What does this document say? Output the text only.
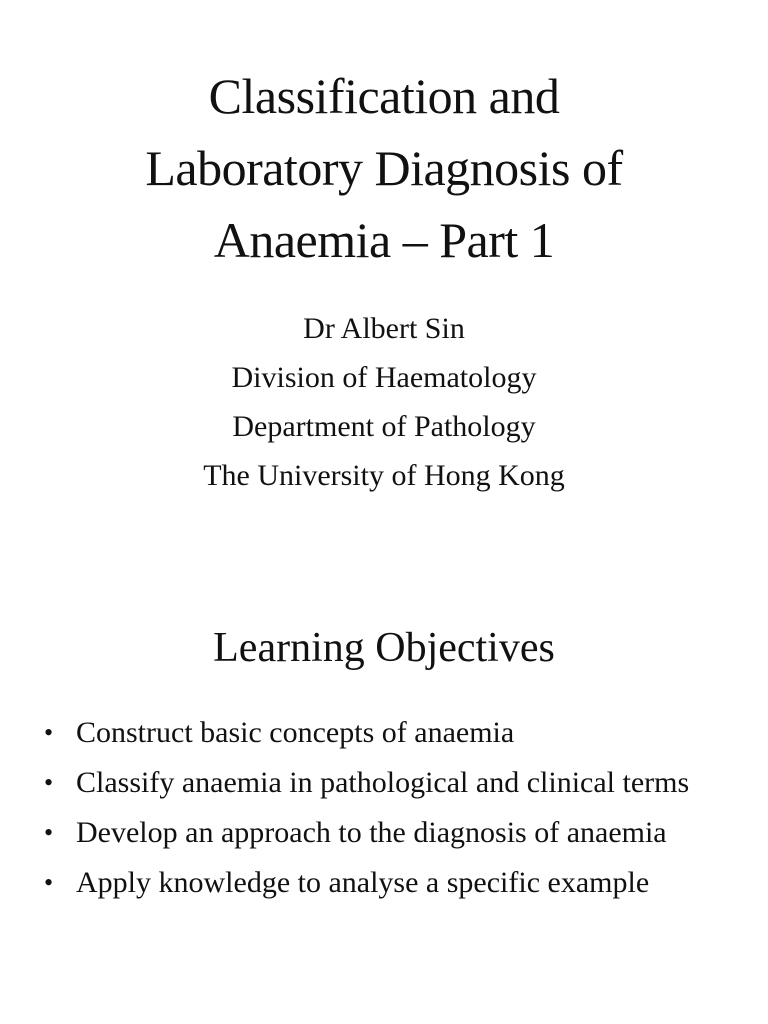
Classification and
Laboratory Diagnosis of
Anaemia – Part 1
Dr Albert Sin
Division of Haematology
Department of Pathology
The University of Hong Kong
Learning Objectives
• Construct basic concepts of anaemia
• Classify anaemia in pathological and clinical terms
• Develop an approach to the diagnosis of anaemia
• Apply knowledge to analyse a specific example
